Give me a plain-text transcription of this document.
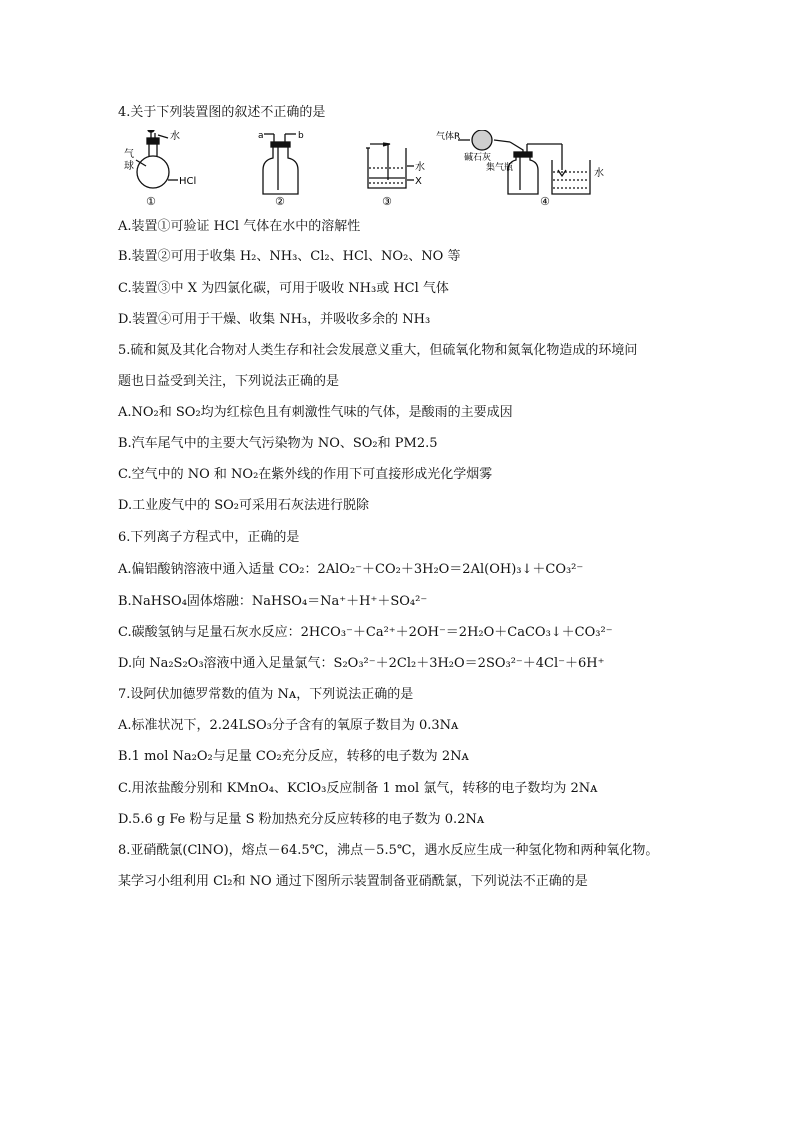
4.关于下列装置图的叙述不正确的是
气
球
水
HCl
①
a	b
②
水
X
③
气体R
碱石灰
集气瓶	水
④
A.装置①可验证 HCl 气体在水中的溶解性
B.装置②可用于收集 H₂、NH₃、Cl₂、HCl、NO₂、NO 等
C.装置③中 X 为四氯化碳，可用于吸收 NH₃或 HCl 气体
D.装置④可用于干燥、收集 NH₃，并吸收多余的 NH₃
5.硫和氮及其化合物对人类生存和社会发展意义重大，但硫氧化物和氮氧化物造成的环境问
题也日益受到关注，下列说法正确的是
A.NO₂和 SO₂均为红棕色且有刺激性气味的气体，是酸雨的主要成因
B.汽车尾气中的主要大气污染物为 NO、SO₂和 PM2.5
C.空气中的 NO 和 NO₂在紫外线的作用下可直接形成光化学烟雾
D.工业废气中的 SO₂可采用石灰法进行脱除
6.下列离子方程式中，正确的是
A.偏铝酸钠溶液中通入适量 CO₂：2AlO₂⁻＋CO₂＋3H₂O＝2Al(OH)₃↓＋CO₃²⁻
B.NaHSO₄固体熔融：NaHSO₄＝Na⁺＋H⁺＋SO₄²⁻
C.碳酸氢钠与足量石灰水反应：2HCO₃⁻＋Ca²⁺＋2OH⁻＝2H₂O＋CaCO₃↓＋CO₃²⁻
D.向 Na₂S₂O₃溶液中通入足量氯气：S₂O₃²⁻＋2Cl₂＋3H₂O＝2SO₃²⁻＋4Cl⁻＋6H⁺
7.设阿伏加德罗常数的值为 Nᴀ，下列说法正确的是
A.标准状况下，2.24LSO₃分子含有的氧原子数目为 0.3Nᴀ
B.1 mol Na₂O₂与足量 CO₂充分反应，转移的电子数为 2Nᴀ
C.用浓盐酸分别和 KMnO₄、KClO₃反应制备 1 mol 氯气，转移的电子数均为 2Nᴀ
D.5.6 g Fe 粉与足量 S 粉加热充分反应转移的电子数为 0.2Nᴀ
8.亚硝酰氯(ClNO)，熔点－64.5℃，沸点－5.5℃，遇水反应生成一种氢化物和两种氧化物。
某学习小组利用 Cl₂和 NO 通过下图所示装置制备亚硝酰氯，下列说法不正确的是
